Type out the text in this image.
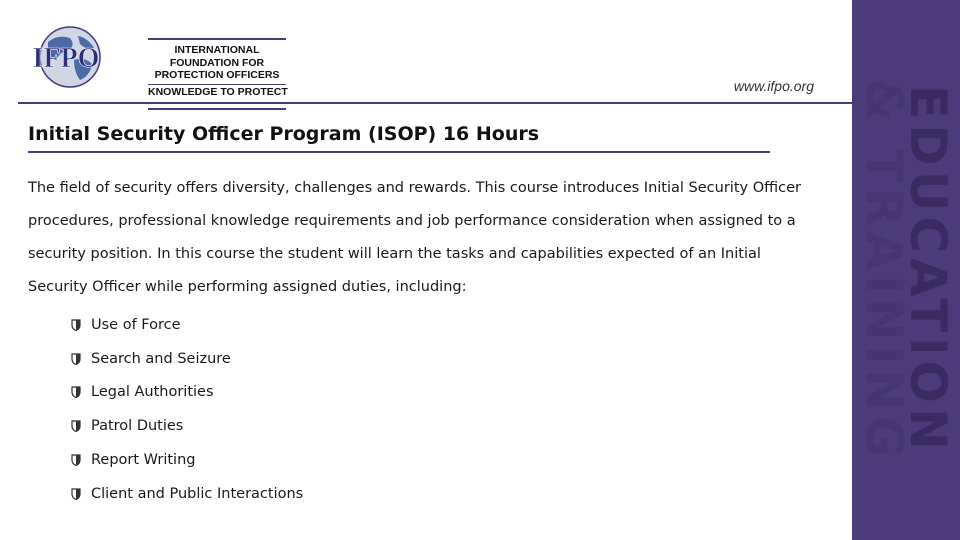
IFPO	INTERNATIONAL
FOUNDATION FOR
PROTECTION OFFICERS
KNOWLEDGE TO PROTECT	www.ifpo.org
Initial Security Officer Program (ISOP) 16 Hours
The field of security offers diversity, challenges and rewards. This course introduces Initial Security Officer
procedures, professional knowledge requirements and job performance consideration when assigned to a
security position. In this course the student will learn the tasks and capabilities expected of an Initial
Security Officer while performing assigned duties, including:
Use of Force
Search and Seizure
Legal Authorities
Patrol Duties
Report Writing
Client and Public Interactions
EDUCATION
& TRAINING
